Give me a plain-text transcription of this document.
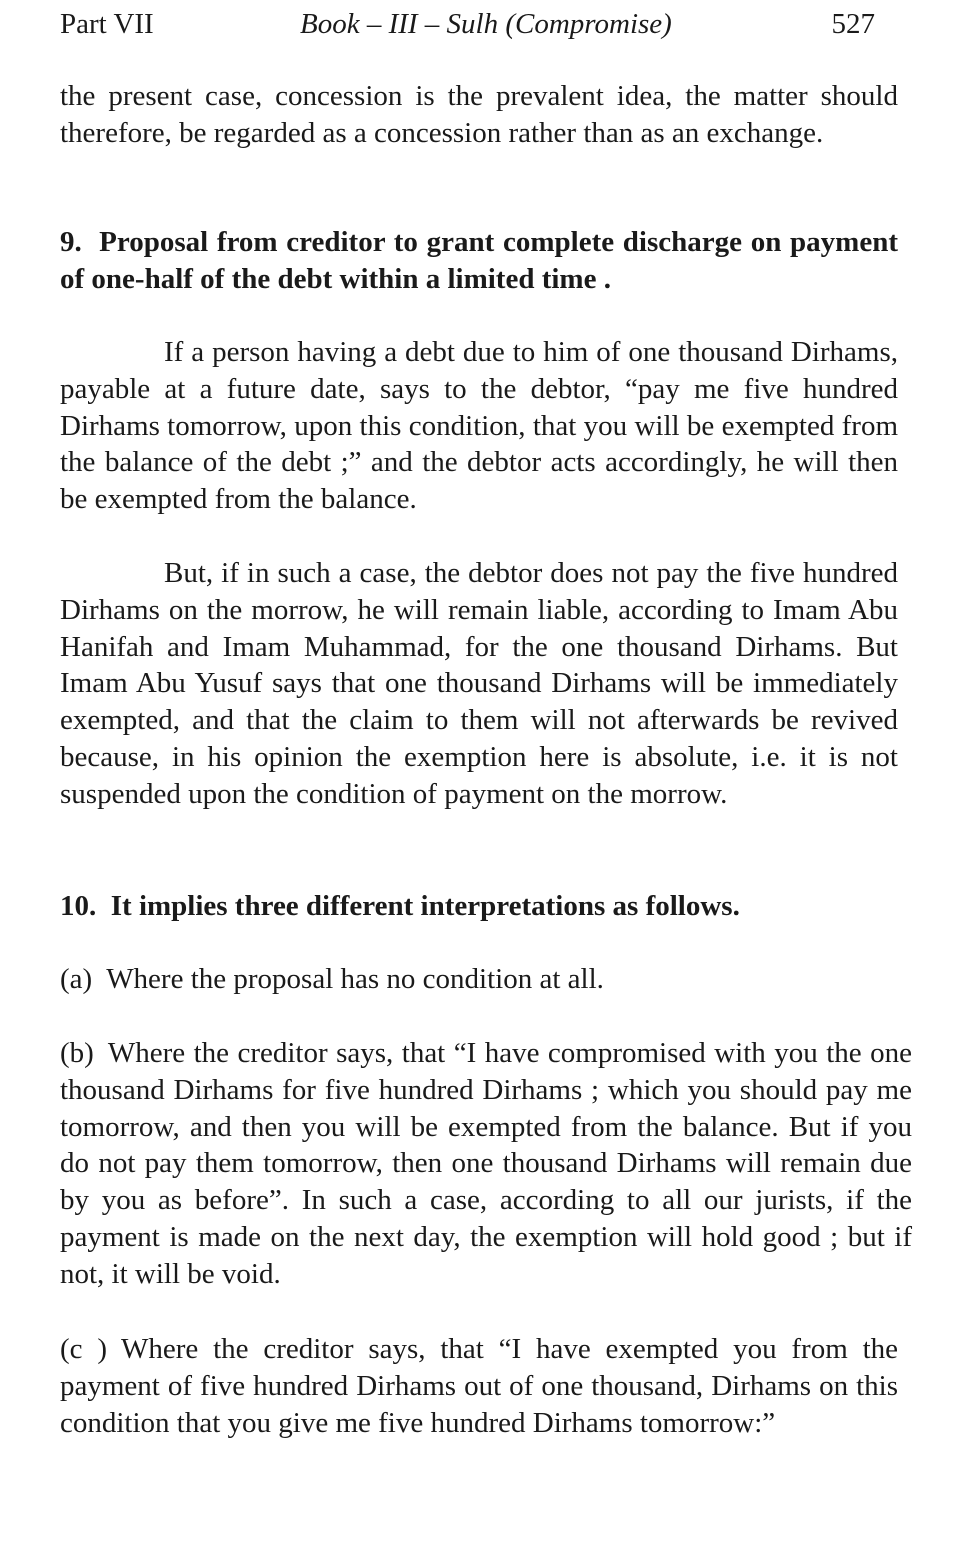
Part VII	Book – III – Sulh (Compromise)	527

the present case, concession is the prevalent idea, the matter should therefore, be regarded as a concession rather than as an exchange.

9. Proposal from creditor to grant complete discharge on payment of one-half of the debt within a limited time .

If a person having a debt due to him of one thousand Dirhams, payable at a future date, says to the debtor, “pay me five hundred Dirhams tomorrow, upon this condition, that you will be exempted from the balance of the debt ;” and the debtor acts accordingly, he will then be exempted from the balance.

But, if in such a case, the debtor does not pay the five hundred Dirhams on the morrow, he will remain liable, according to Imam Abu Hanifah and Imam Muhammad, for the one thousand Dirhams. But Imam Abu Yusuf says that one thousand Dirhams will be immediately exempted, and that the claim to them will not afterwards be revived because, in his opinion the exemption here is absolute, i.e. it is not suspended upon the condition of payment on the morrow.

10. It implies three different interpretations as follows.

(a) Where the proposal has no condition at all.

(b) Where the creditor says, that “I have compromised with you the one thousand Dirhams for five hundred Dirhams ; which you should pay me tomorrow, and then you will be exempted from the balance. But if you do not pay them tomorrow, then one thousand Dirhams will remain due by you as before”. In such a case, according to all our jurists, if the payment is made on the next day, the exemption will hold good ; but if not, it will be void.

(c ) Where the creditor says, that “I have exempted you from the payment of five hundred Dirhams out of one thousand, Dirhams on this condition that you give me five hundred Dirhams tomorrow:”
